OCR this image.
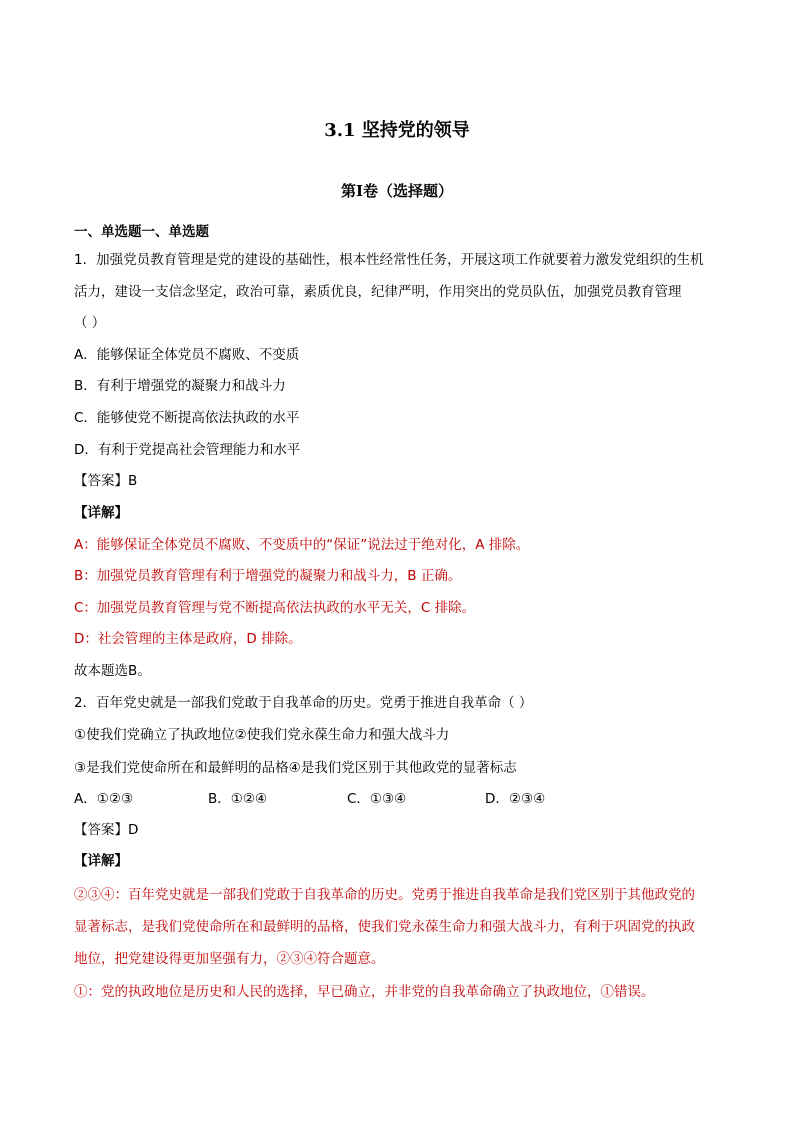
3.1 坚持党的领导
第I卷（选择题）
一、单选题一、单选题
1．加强党员教育管理是党的建设的基础性，根本性经常性任务，开展这项工作就要着力激发党组织的生机
活力，建设一支信念坚定，政治可靠，素质优良，纪律严明，作用突出的党员队伍，加强党员教育管理
（ ）
A．能够保证全体党员不腐败、不变质
B．有利于增强党的凝聚力和战斗力
C．能够使党不断提高依法执政的水平
D．有利于党提高社会管理能力和水平
【答案】B
【详解】
A：能够保证全体党员不腐败、不变质中的“保证”说法过于绝对化，A 排除。
B：加强党员教育管理有利于增强党的凝聚力和战斗力，B 正确。
C：加强党员教育管理与党不断提高依法执政的水平无关，C 排除。
D：社会管理的主体是政府，D 排除。
故本题选B。
2．百年党史就是一部我们党敢于自我革命的历史。党勇于推进自我革命（ ）
①使我们党确立了执政地位②使我们党永葆生命力和强大战斗力
③是我们党使命所在和最鲜明的品格④是我们党区别于其他政党的显著标志
A．①②③	B．①②④	C．①③④	D．②③④
【答案】D
【详解】
②③④：百年党史就是一部我们党敢于自我革命的历史。党勇于推进自我革命是我们党区别于其他政党的
显著标志，是我们党使命所在和最鲜明的品格，使我们党永葆生命力和强大战斗力，有利于巩固党的执政
地位，把党建设得更加坚强有力，②③④符合题意。
①：党的执政地位是历史和人民的选择，早已确立，并非党的自我革命确立了执政地位，①错误。
